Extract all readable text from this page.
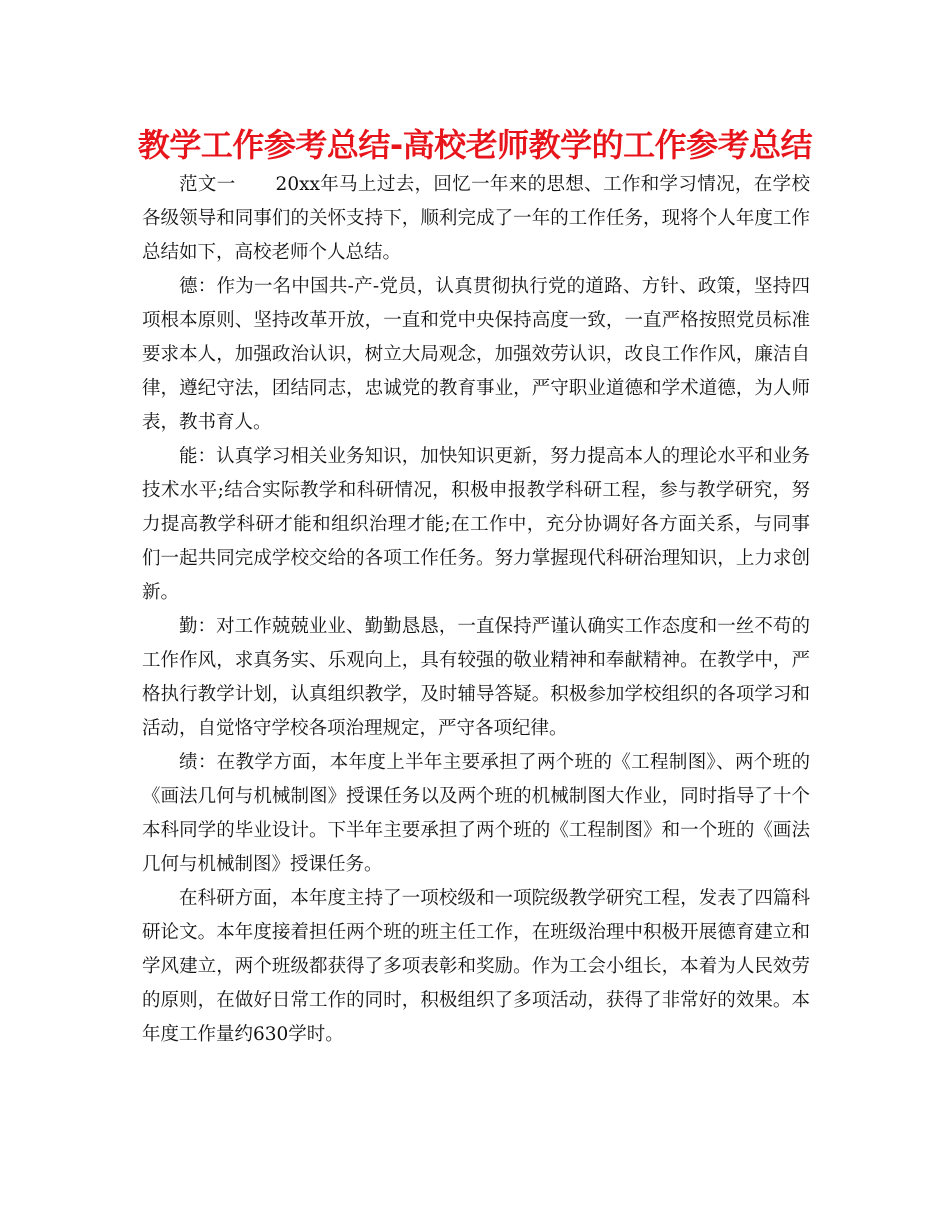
教学工作参考总结-高校老师教学的工作参考总结

范文一 20xx年马上过去，回忆一年来的思想、工作和学习情况，在学校各级领导和同事们的关怀支持下，顺利完成了一年的工作任务，现将个人年度工作总结如下，高校老师个人总结。

德：作为一名中国共-产-党员，认真贯彻执行党的道路、方针、政策，坚持四项根本原则、坚持改革开放，一直和党中央保持高度一致，一直严格按照党员标准要求本人，加强政治认识，树立大局观念，加强效劳认识，改良工作作风，廉洁自律，遵纪守法，团结同志，忠诚党的教育事业，严守职业道德和学术道德，为人师表，教书育人。

能：认真学习相关业务知识，加快知识更新，努力提高本人的理论水平和业务技术水平;结合实际教学和科研情况，积极申报教学科研工程，参与教学研究，努力提高教学科研才能和组织治理才能;在工作中，充分协调好各方面关系，与同事们一起共同完成学校交给的各项工作任务。努力掌握现代科研治理知识，上力求创新。

勤：对工作兢兢业业、勤勤恳恳，一直保持严谨认确实工作态度和一丝不苟的工作作风，求真务实、乐观向上，具有较强的敬业精神和奉献精神。在教学中，严格执行教学计划，认真组织教学，及时辅导答疑。积极参加学校组织的各项学习和活动，自觉恪守学校各项治理规定，严守各项纪律。

绩：在教学方面，本年度上半年主要承担了两个班的《工程制图》、两个班的《画法几何与机械制图》授课任务以及两个班的机械制图大作业，同时指导了十个本科同学的毕业设计。下半年主要承担了两个班的《工程制图》和一个班的《画法几何与机械制图》授课任务。

在科研方面，本年度主持了一项校级和一项院级教学研究工程，发表了四篇科研论文。本年度接着担任两个班的班主任工作，在班级治理中积极开展德育建立和学风建立，两个班级都获得了多项表彰和奖励。作为工会小组长，本着为人民效劳的原则，在做好日常工作的同时，积极组织了多项活动，获得了非常好的效果。本年度工作量约630学时。
